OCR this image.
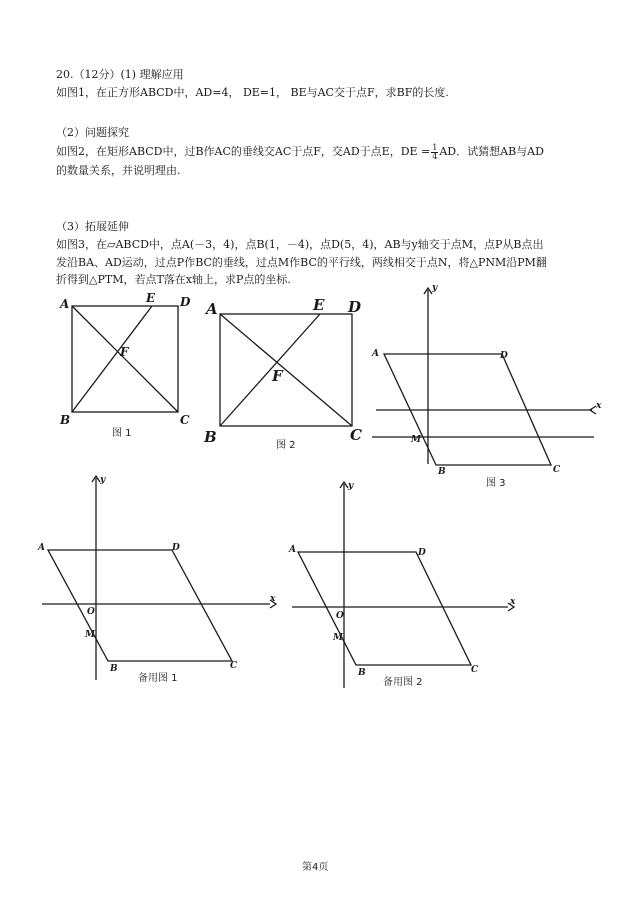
20.（12分）(1) 理解应用
如图1，在正方形ABCD中，AD=4， DE=1， BE与AC交于点F，求BF的长度.
（2）问题探究
如图2，在矩形ABCD中，过B作AC的垂线交AC于点F，交AD于点E，DE = $\frac{1}{4}$ AD．试猜想AB与AD
的数量关系，并说明理由.
（3）拓展延伸
如图3，在▱ABCD中，点A(－3，4)，点B(1，－4)，点D(5，4)，AB与y轴交于点M，点P从B点出
发沿BA、AD运动，过点P作BC的垂线，过点M作BC的平行线，两线相交于点N，将△PNM沿PM翻
折得到△PTM，若点T落在x轴上，求P点的坐标.
A	E D
F
B	C
图 1
A	E D
F
B	C
图 2
A	D
M
B	C
x
y
图 3
A	D
O
M
B	C
x
y
备用图 1
A	D
O
M
B	C
x
y
备用图 2
第4页
